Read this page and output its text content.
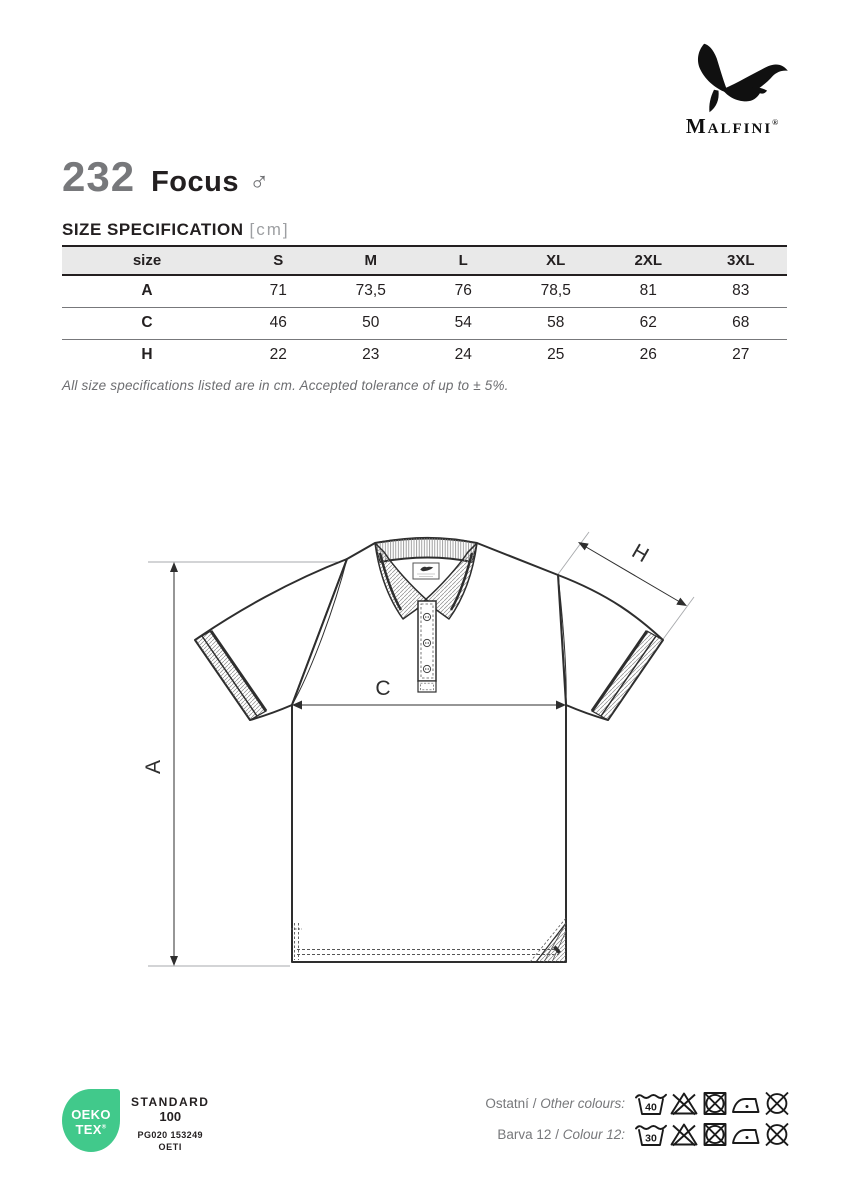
Malfini®
232 Focus ♂
SIZE SPECIFICATION [cm]
size	S	M	L	XL	2XL	3XL
A	71	73,5	76	78,5	81	83
C	46	50	54	58	62	68
H	22	23	24	25	26	27
All size specifications listed are in cm. Accepted tolerance of up to ± 5%.
A
C
H
OEKO
TEX®
STANDARD
100
PG020 153249
OETI
Ostatní / Other colours: 40
Barva 12 / Colour 12: 30
